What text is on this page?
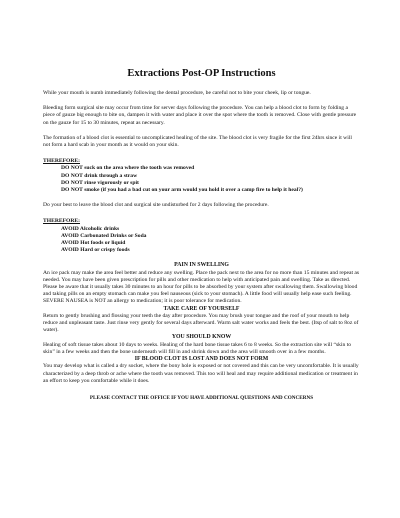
Extractions Post-OP Instructions

While your mouth is numb immediately following the dental procedure, be careful not to bite your cheek, lip or tongue.

Bleeding form surgical site may occur from time for server days following the procedure. You can help a blood clot to form by folding a piece of gauze big enough to bite on, dampen it with water and place it over the spot where the tooth is removed. Close with gentle pressure on the gauze for 15 to 30 minutes, repeat as necessary.

The formation of a blood clot is essential to uncomplicated healing of the site. The blood clot is very fragile for the first 24hrs since it will not form a hard scab in your month as it would on your skin.

THEREFORE:
DO NOT suck on the area where the tooth was removed
DO NOT drink through a straw
DO NOT rinse vigorously or spit
DO NOT smoke (if you had a bad cut on your arm would you hold it over a camp fire to help it heal?)

Do your best to leave the blood clot and surgical site undisturbed for 2 days following the procedure.

THEREFORE:
AVOID Alcoholic drinks
AVOID Carbonated Drinks or Soda
AVOID Hot foods or liquid
AVOID Hard or crispy foods
PAIN IN SWELLING

An ice pack may make the area feel better and reduce any swelling. Place the pack next to the area for no more than 15 minutes and repeat as needed. You may have been given prescription for pills and other medication to help with anticipated pain and swelling. Take as directed. Please be aware that it usually takes 30 minutes to an hour for pills to be absorbed by your system after swallowing them. Swallowing blood and taking pills on an empty stomach can make you feel nauseous (sick to your stomach). A little food will usually help ease such feeling. SEVERE NAUSEA is NOT an allergy to medication; it is poor tolerance for medication.

TAKE CARE OF YOURSELF

Return to gently brushing and flossing your teeth the day after procedure. You may brush your tongue and the roof of your mouth to help reduce and unpleasant taste. Just rinse very gently for several days afterward. Warm salt water works and feels the best. (Itsp of salt to 8oz of water).

YOU SHOULD KNOW

Healing of soft tissue takes about 10 days to weeks. Healing of the hard bone tissue takes 6 to 8 weeks. So the extraction site will “skin to skin” in a few weeks and then the bone underneath will fill in and shrink down and the area will smooth over in a few months.

IF BLOOD CLOT IS LOST AND DOES NOT FORM

You may develop what is called a dry socket, where the bony hole is exposed or not covered and this can be very uncomfortable. It is usually characterized by a deep throb or ache where the tooth was removed. This too will heal and may require additional medication or treatment in an effort to keep you comfortable while it does.

PLEASE CONTACT THE OFFICE IF YOU HAVE ADDITIONAL QUESTIONS AND CONCERNS
